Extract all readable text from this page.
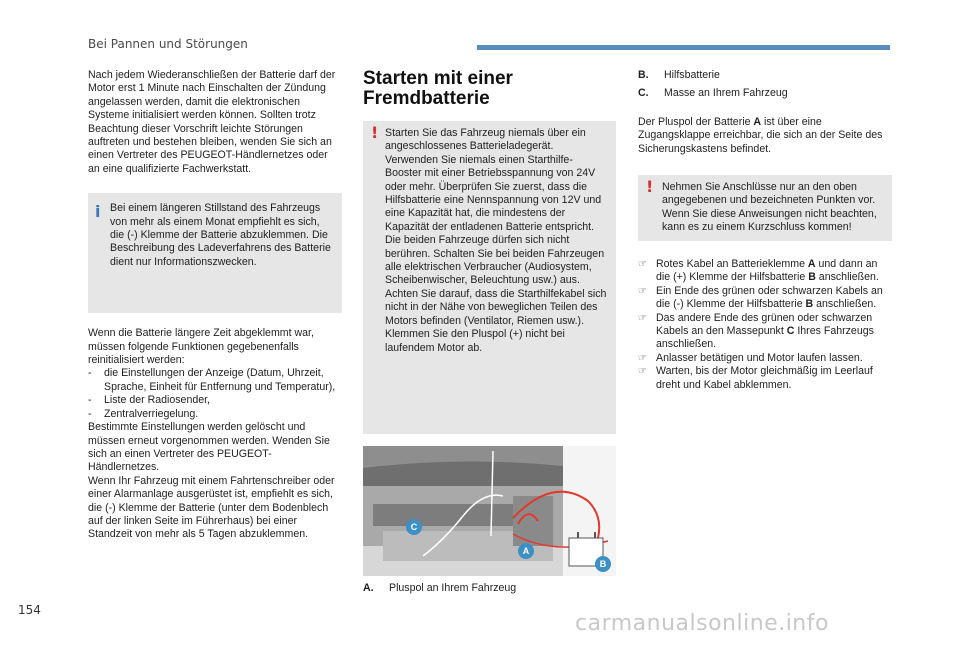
Bei Pannen und Störungen

Nach jedem Wiederanschließen der Batterie darf der Motor erst 1 Minute nach Einschalten der Zündung angelassen werden, damit die elektronischen Systeme initialisiert werden können. Sollten trotz Beachtung dieser Vorschrift leichte Störungen auftreten und bestehen bleiben, wenden Sie sich an einen Vertreter des PEUGEOT-Händlernetzes oder an eine qualifizierte Fachwerkstatt.

i Bei einem längeren Stillstand des Fahrzeugs von mehr als einem Monat empfiehlt es sich, die (-) Klemme der Batterie abzuklemmen. Die Beschreibung des Ladeverfahrens des Batterie dient nur Informationszwecken.

Wenn die Batterie längere Zeit abgeklemmt war, müssen folgende Funktionen gegebenenfalls reinitialisiert werden:

- die Einstellungen der Anzeige (Datum, Uhrzeit, Sprache, Einheit für Entfernung und Temperatur),
- Liste der Radiosender,
- Zentralverriegelung.

Bestimmte Einstellungen werden gelöscht und müssen erneut vorgenommen werden. Wenden Sie sich an einen Vertreter des PEUGEOT-Händlernetzes.

Wenn Ihr Fahrzeug mit einem Fahrtenschreiber oder einer Alarmanlage ausgerüstet ist, empfiehlt es sich, die (-) Klemme der Batterie (unter dem Bodenblech auf der linken Seite im Führerhaus) bei einer Standzeit von mehr als 5 Tagen abzuklemmen.

Starten mit einer Fremdbatterie
! Starten Sie das Fahrzeug niemals über ein angeschlossenes Batterieladegerät. Verwenden Sie niemals einen Starthilfe-Booster mit einer Betriebsspannung von 24V oder mehr. Überprüfen Sie zuerst, dass die Hilfsbatterie eine Nennspannung von 12V und eine Kapazität hat, die mindestens der Kapazität der entladenen Batterie entspricht. Die beiden Fahrzeuge dürfen sich nicht berühren. Schalten Sie bei beiden Fahrzeugen alle elektrischen Verbraucher (Audiosystem, Scheibenwischer, Beleuchtung usw.) aus. Achten Sie darauf, dass die Starthilfekabel sich nicht in der Nähe von beweglichen Teilen des Motors befinden (Ventilator, Riemen usw.). Klemmen Sie den Pluspol (+) nicht bei laufendem Motor ab.

C
A
B
A.	Pluspol an Ihrem Fahrzeug
B.	Hilfsbatterie
C.	Masse an Ihrem Fahrzeug

Der Pluspol der Batterie A ist über eine Zugangsklappe erreichbar, die sich an der Seite des Sicherungskastens befindet.

! Nehmen Sie Anschlüsse nur an den oben angegebenen und bezeichneten Punkten vor. Wenn Sie diese Anweisungen nicht beachten, kann es zu einem Kurzschluss kommen!

☞ Rotes Kabel an Batterieklemme A und dann an die (+) Klemme der Hilfsbatterie B anschließen.
☞ Ein Ende des grünen oder schwarzen Kabels an die (-) Klemme der Hilfsbatterie B anschließen.
☞ Das andere Ende des grünen oder schwarzen Kabels an den Massepunkt C Ihres Fahrzeugs anschließen.
☞ Anlasser betätigen und Motor laufen lassen.
☞ Warten, bis der Motor gleichmäßig im Leerlauf dreht und Kabel abklemmen.
154
carmanualsonline.info
